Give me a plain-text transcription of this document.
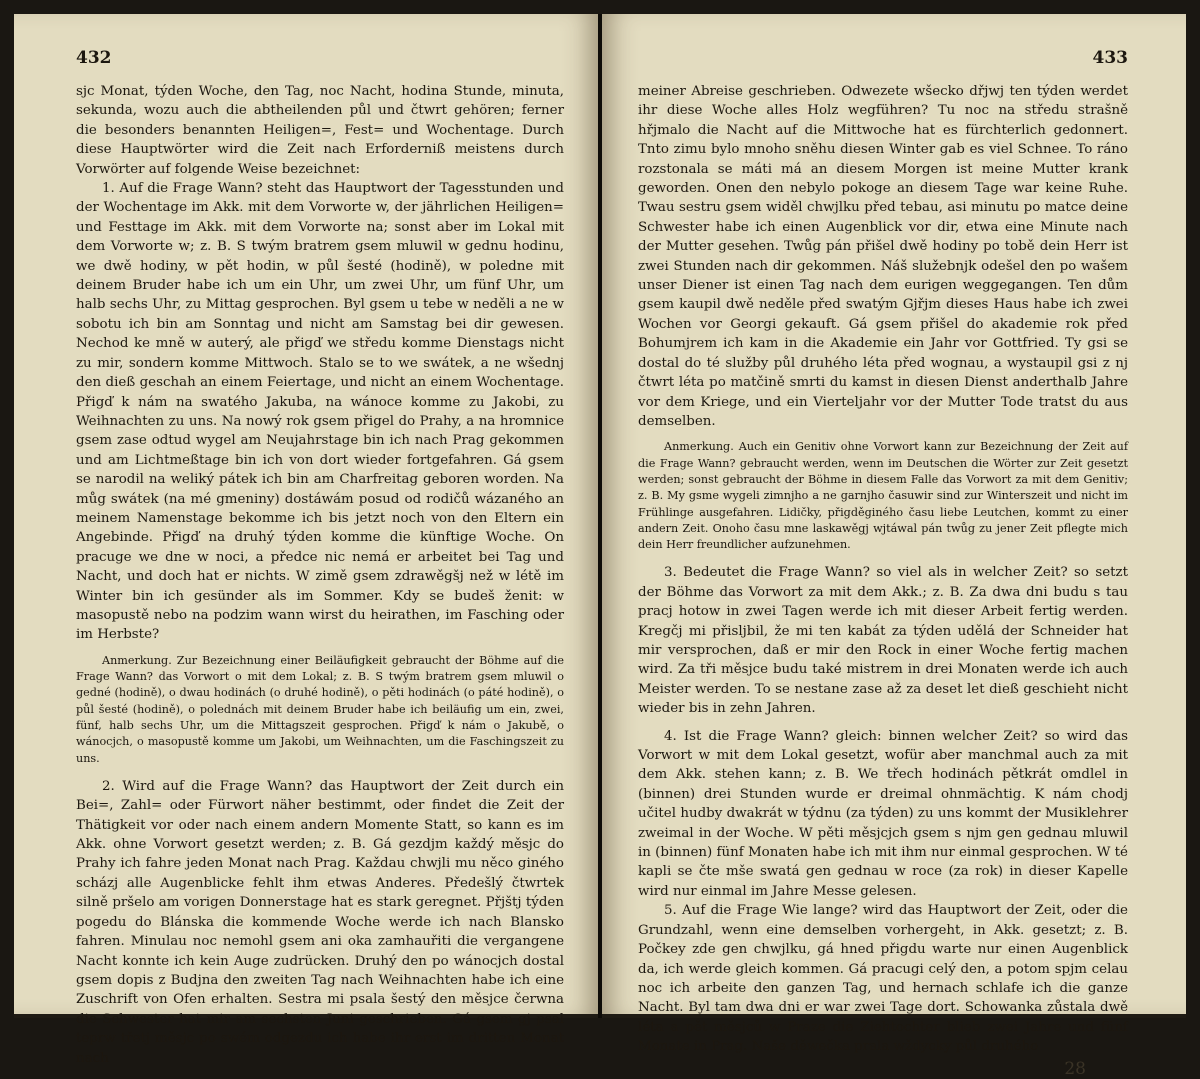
432

sjc Monat, týden Woche, den Tag, noc Nacht, hodina Stunde, minuta, sekunda, wozu auch die abtheilenden půl und čtwrt gehören; ferner die besonders benannten Heiligen=, Fest= und Wochentage. Durch diese Hauptwörter wird die Zeit nach Erforderniß meistens durch Vorwörter auf folgende Weise bezeichnet:

1. Auf die Frage Wann? steht das Hauptwort der Tagesstunden und der Wochentage im Akk. mit dem Vorworte w, der jährlichen Heiligen= und Festtage im Akk. mit dem Vorworte na; sonst aber im Lokal mit dem Vorworte w; z. B. S twým bratrem gsem mluwil w gednu hodinu, we dwě hodiny, w pět hodin, w půl šesté (hodině), w poledne mit deinem Bruder habe ich um ein Uhr, um zwei Uhr, um fünf Uhr, um halb sechs Uhr, zu Mittag gesprochen. Byl gsem u tebe w neděli a ne w sobotu ich bin am Sonntag und nicht am Samstag bei dir gewesen. Nechod ke mně w auterý, ale přigď we středu komme Dienstags nicht zu mir, sondern komme Mittwoch. Stalo se to we swátek, a ne wšednj den dieß geschah an einem Feiertage, und nicht an einem Wochentage. Přigď k nám na swatého Jakuba, na wánoce komme zu Jakobi, zu Weihnachten zu uns. Na nowý rok gsem přigel do Prahy, a na hromnice gsem zase odtud wygel am Neujahrstage bin ich nach Prag gekommen und am Lichtmeßtage bin ich von dort wieder fortgefahren. Gá gsem se narodil na weliký pátek ich bin am Charfreitag geboren worden. Na můg swátek (na mé gmeniny) dostáwám posud od rodičů wázaného an meinem Namenstage bekomme ich bis jetzt noch von den Eltern ein Angebinde. Přigď na druhý týden komme die künftige Woche. On pracuge we dne w noci, a předce nic nemá er arbeitet bei Tag und Nacht, und doch hat er nichts. W zimě gsem zdrawěgšj než w létě im Winter bin ich gesünder als im Sommer. Kdy se budeš ženit: w masopustě nebo na podzim wann wirst du heirathen, im Fasching oder im Herbste?

Anmerkung. Zur Bezeichnung einer Beiläufigkeit gebraucht der Böhme auf die Frage Wann? das Vorwort o mit dem Lokal; z. B. S twým bratrem gsem mluwil o gedné (hodině), o dwau hodinách (o druhé hodině), o pěti hodinách (o páté hodině), o půl šesté (hodině), o polednách mit deinem Bruder habe ich beiläufig um ein, zwei, fünf, halb sechs Uhr, um die Mittagszeit gesprochen. Přigď k nám o Jakubě, o wánocjch, o masopustě komme um Jakobi, um Weihnachten, um die Faschingszeit zu uns.

2. Wird auf die Frage Wann? das Hauptwort der Zeit durch ein Bei=, Zahl= oder Fürwort näher bestimmt, oder findet die Zeit der Thätigkeit vor oder nach einem andern Momente Statt, so kann es im Akk. ohne Vorwort gesetzt werden; z. B. Gá gezdjm každý měsjc do Prahy ich fahre jeden Monat nach Prag. Každau chwjli mu něco giného scházj alle Augenblicke fehlt ihm etwas Anderes. Předešlý čtwrtek silně pršelo am vorigen Donnerstage hat es stark geregnet. Přjštj týden pogedu do Blánska die kommende Woche werde ich nach Blansko fahren. Minulau noc nemohl gsem ani oka zamhauřiti die vergangene Nacht konnte ich kein Auge zudrücken. Druhý den po wánocjch dostal gsem dopis z Budjna den zweiten Tag nach Weihnachten habe ich eine Zuschrift von Ofen erhalten. Sestra mi psala šestý den měsjce čerwna die Schwester hat mir am sechsten Juni geschrieben. Gá gsem gj psal teprw třetj měsjc po swém odgezdu ich habe ihr erst im dritten Monat nach

433

meiner Abreise geschrieben. Odwezete wšecko dřjwj ten týden werdet ihr diese Woche alles Holz wegführen? Tu noc na středu strašně hřjmalo die Nacht auf die Mittwoche hat es fürchterlich gedonnert. Tnto zimu bylo mnoho sněhu diesen Winter gab es viel Schnee. To ráno rozstonala se máti má an diesem Morgen ist meine Mutter krank geworden. Onen den nebylo pokoge an diesem Tage war keine Ruhe. Twau sestru gsem widěl chwjlku před tebau, asi minutu po matce deine Schwester habe ich einen Augenblick vor dir, etwa eine Minute nach der Mutter gesehen. Twůg pán přišel dwě hodiny po tobě dein Herr ist zwei Stunden nach dir gekommen. Náš služebnjk odešel den po wašem unser Diener ist einen Tag nach dem eurigen weggegangen. Ten dům gsem kaupil dwě neděle před swatým Gjřjm dieses Haus habe ich zwei Wochen vor Georgi gekauft. Gá gsem přišel do akademie rok před Bohumjrem ich kam in die Akademie ein Jahr vor Gottfried. Ty gsi se dostal do té služby půl druhého léta před wognau, a wystaupil gsi z nj čtwrt léta po matčině smrti du kamst in diesen Dienst anderthalb Jahre vor dem Kriege, und ein Vierteljahr vor der Mutter Tode tratst du aus demselben.

Anmerkung. Auch ein Genitiv ohne Vorwort kann zur Bezeichnung der Zeit auf die Frage Wann? gebraucht werden, wenn im Deutschen die Wörter zur Zeit gesetzt werden; sonst gebraucht der Böhme in diesem Falle das Vorwort za mit dem Genitiv; z. B. My gsme wygeli zimnjho a ne garnjho časuwir sind zur Winterszeit und nicht im Frühlinge ausgefahren. Lidičky, přigděginého času liebe Leutchen, kommt zu einer andern Zeit. Onoho času mne laskawěgj wjtáwal pán twůg zu jener Zeit pflegte mich dein Herr freundlicher aufzunehmen.

3. Bedeutet die Frage Wann? so viel als in welcher Zeit? so setzt der Böhme das Vorwort za mit dem Akk.; z. B. Za dwa dni budu s tau pracj hotow in zwei Tagen werde ich mit dieser Arbeit fertig werden. Kregčj mi přisljbil, že mi ten kabát za týden udělá der Schneider hat mir versprochen, daß er mir den Rock in einer Woche fertig machen wird. Za tři měsjce budu také mistrem in drei Monaten werde ich auch Meister werden. To se nestane zase až za deset let dieß geschieht nicht wieder bis in zehn Jahren.

4. Ist die Frage Wann? gleich: binnen welcher Zeit? so wird das Vorwort w mit dem Lokal gesetzt, wofür aber manchmal auch za mit dem Akk. stehen kann; z. B. We třech hodinách pětkrát omdlel in (binnen) drei Stunden wurde er dreimal ohnmächtig. K nám chodj učitel hudby dwakrát w týdnu (za týden) zu uns kommt der Musiklehrer zweimal in der Woche. W pěti měsjcjch gsem s njm gen gednau mluwil in (binnen) fünf Monaten habe ich mit ihm nur einmal gesprochen. W té kapli se čte mše swatá gen gednau w roce (za rok) in dieser Kapelle wird nur einmal im Jahre Messe gelesen.

5. Auf die Frage Wie lange? wird das Hauptwort der Zeit, oder die Grundzahl, wenn eine demselben vorhergeht, in Akk. gesetzt; z. B. Počkey zde gen chwjlku, gá hned přigdu warte nur einen Augenblick da, ich werde gleich kommen. Gá pracugi celý den, a potom spjm celau noc ich arbeite den ganzen Tag, und hernach schlafe ich die ganze Nacht. Byl tam dwa dni er war zwei Tage dort. Schowanka zůstala dwě léta a pět měsjců w Praze die Ziehtochter blieb zwei Jahre und fünf Monate in Prag. Naše děwečka prala wždycky půl druhého

28
